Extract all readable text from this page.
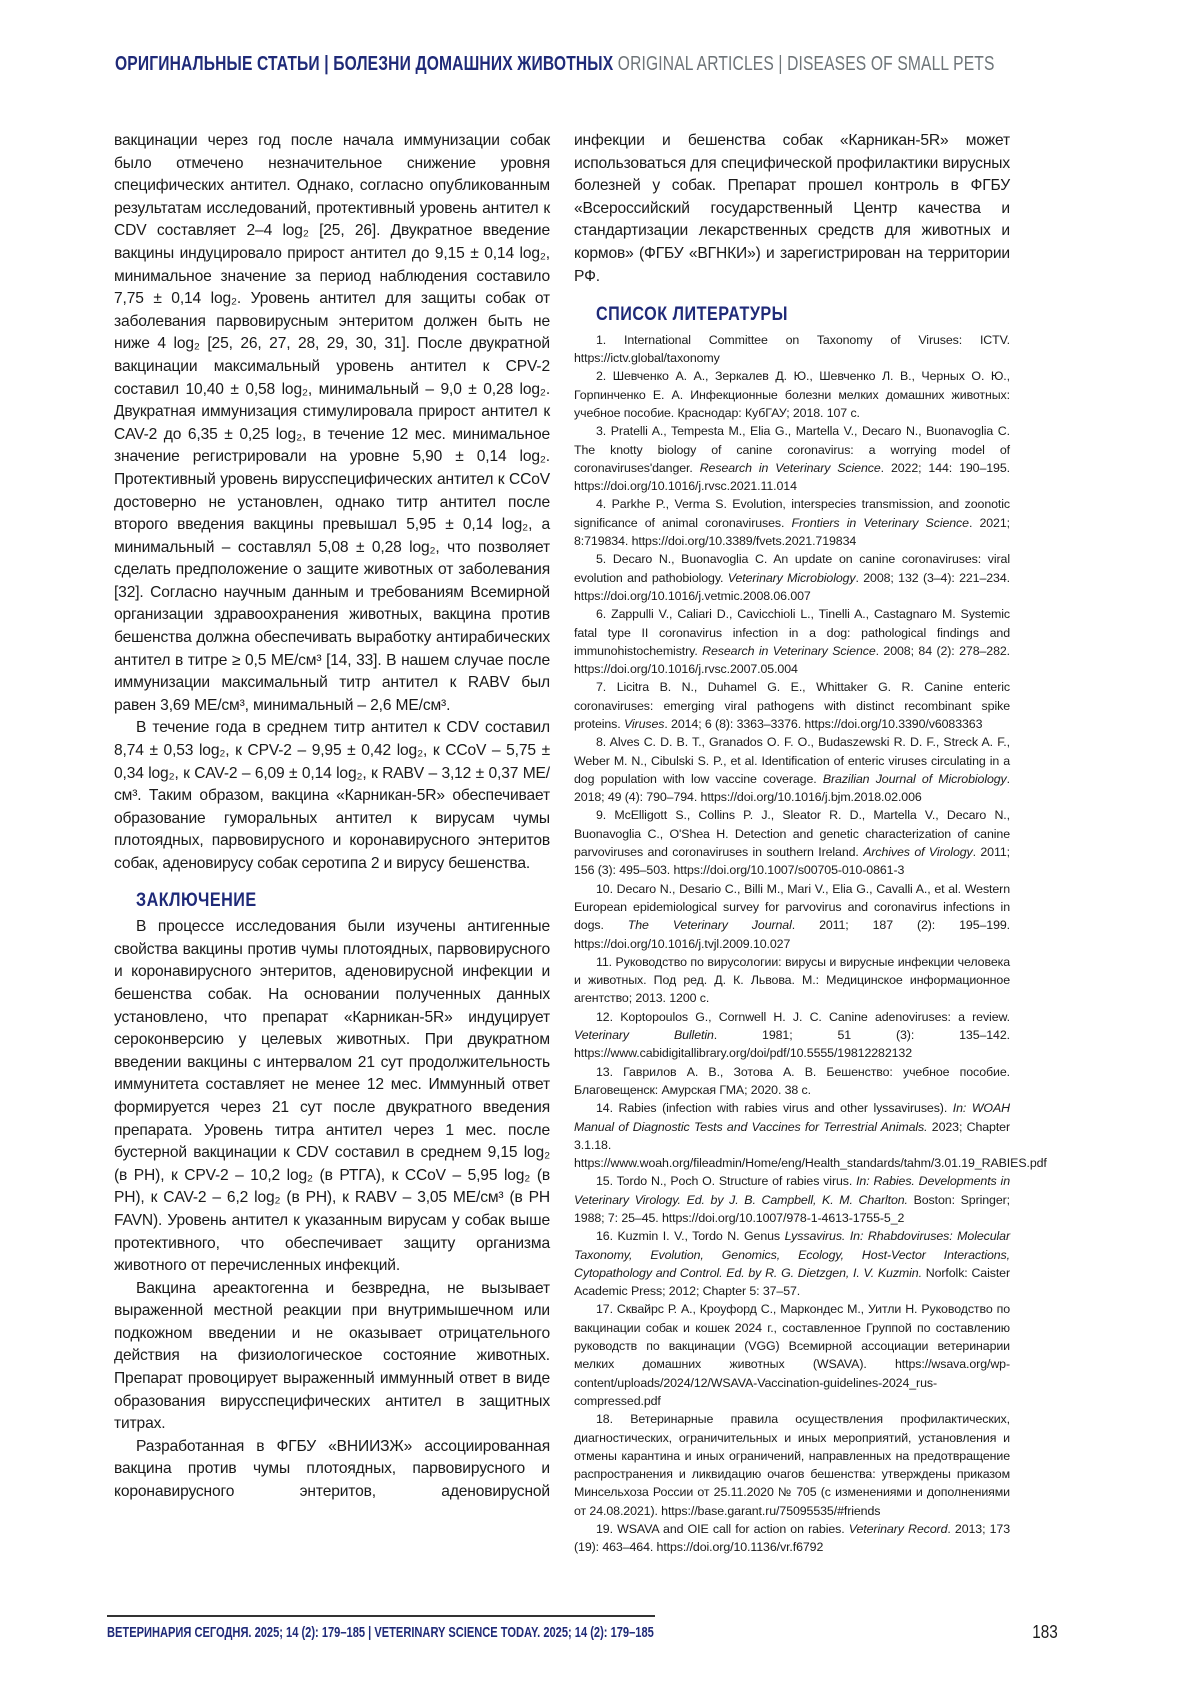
ОРИГИНАЛЬНЫЕ СТАТЬИ | БОЛЕЗНИ ДОМАШНИХ ЖИВОТНЫХ ORIGINAL ARTICLES | DISEASES OF SMALL PETS

вакцинации через год после начала иммунизации собак было отмечено незначительное снижение уровня специфических антител. Однако, согласно опубликованным результатам исследований, протективный уровень антител к CDV составляет 2–4 log₂ [25, 26]. Двукратное введение вакцины индуцировало прирост антител до 9,15 ± 0,14 log₂, минимальное значение за период наблюдения составило 7,75 ± 0,14 log₂. Уровень антител для защиты собак от заболевания парвовирусным энтеритом должен быть не ниже 4 log₂ [25, 26, 27, 28, 29, 30, 31]. После двукратной вакцинации максимальный уровень антител к CPV-2 составил 10,40 ± 0,58 log₂, минимальный – 9,0 ± 0,28 log₂. Двукратная иммунизация стимулировала прирост антител к CAV-2 до 6,35 ± 0,25 log₂, в течение 12 мес. минимальное значение регистрировали на уровне 5,90 ± 0,14 log₂. Протективный уровень вирусспецифических антител к CCoV достоверно не установлен, однако титр антител после второго введения вакцины превышал 5,95 ± 0,14 log₂, а минимальный – составлял 5,08 ± 0,28 log₂, что позволяет сделать предположение о защите животных от заболевания [32]. Согласно научным данным и требованиям Всемирной организации здравоохранения животных, вакцина против бешенства должна обеспечивать выработку антирабических антител в титре ≥ 0,5 МЕ/см³ [14, 33]. В нашем случае после иммунизации максимальный титр антител к RABV был равен 3,69 МЕ/см³, минимальный – 2,6 МЕ/см³.

В течение года в среднем титр антител к CDV составил 8,74 ± 0,53 log₂, к CPV-2 – 9,95 ± 0,42 log₂, к CCoV – 5,75 ± 0,34 log₂, к CAV-2 – 6,09 ± 0,14 log₂, к RABV – 3,12 ± 0,37 МЕ/см³. Таким образом, вакцина «Карникан-5R» обеспечивает образование гуморальных антител к вирусам чумы плотоядных, парвовирусного и коронавирусного энтеритов собак, аденовирусу собак серотипа 2 и вирусу бешенства.

ЗАКЛЮЧЕНИЕ

В процессе исследования были изучены антигенные свойства вакцины против чумы плотоядных, парвовирусного и коронавирусного энтеритов, аденовирусной инфекции и бешенства собак. На основании полученных данных установлено, что препарат «Карникан-5R» индуцирует сероконверсию у целевых животных. При двукратном введении вакцины с интервалом 21 сут продолжительность иммунитета составляет не менее 12 мес. Иммунный ответ формируется через 21 сут после двукратного введения препарата. Уровень титра антител через 1 мес. после бустерной вакцинации к CDV составил в среднем 9,15 log₂ (в РН), к CPV-2 – 10,2 log₂ (в РТГА), к CCoV – 5,95 log₂ (в РН), к CAV-2 – 6,2 log₂ (в РН), к RABV – 3,05 МЕ/см³ (в РН FAVN). Уровень антител к указанным вирусам у собак выше протективного, что обеспечивает защиту организма животного от перечисленных инфекций.

Вакцина ареактогенна и безвредна, не вызывает выраженной местной реакции при внутримышечном или подкожном введении и не оказывает отрицательного действия на физиологическое состояние животных. Препарат провоцирует выраженный иммунный ответ в виде образования вирусспецифических антител в защитных титрах.

Разработанная в ФГБУ «ВНИИЗЖ» ассоциированная вакцина против чумы плотоядных, парвовирусного и коронавирусного энтеритов, аденовирусной

инфекции и бешенства собак «Карникан-5R» может использоваться для специфической профилактики вирусных болезней у собак. Препарат прошел контроль в ФГБУ «Всероссийский государственный Центр качества и стандартизации лекарственных средств для животных и кормов» (ФГБУ «ВГНКИ») и зарегистрирован на территории РФ.

СПИСОК ЛИТЕРАТУРЫ

1. International Committee on Taxonomy of Viruses: ICTV. https://ictv.global/taxonomy

2. Шевченко А. А., Зеркалев Д. Ю., Шевченко Л. В., Черных О. Ю., Горпинченко Е. А. Инфекционные болезни мелких домашних животных: учебное пособие. Краснодар: КубГАУ; 2018. 107 с.

3. Pratelli A., Tempesta M., Elia G., Martella V., Decaro N., Buonavoglia C. The knotty biology of canine coronavirus: a worrying model of coronaviruses'danger. Research in Veterinary Science. 2022; 144: 190–195. https://doi.org/10.1016/j.rvsc.2021.11.014

4. Parkhe P., Verma S. Evolution, interspecies transmission, and zoonotic significance of animal coronaviruses. Frontiers in Veterinary Science. 2021; 8:719834. https://doi.org/10.3389/fvets.2021.719834

5. Decaro N., Buonavoglia C. An update on canine coronaviruses: viral evolution and pathobiology. Veterinary Microbiology. 2008; 132 (3–4): 221–234. https://doi.org/10.1016/j.vetmic.2008.06.007

6. Zappulli V., Caliari D., Cavicchioli L., Tinelli A., Castagnaro M. Systemic fatal type II coronavirus infection in a dog: pathological findings and immunohistochemistry. Research in Veterinary Science. 2008; 84 (2): 278–282. https://doi.org/10.1016/j.rvsc.2007.05.004

7. Licitra B. N., Duhamel G. E., Whittaker G. R. Canine enteric coronaviruses: emerging viral pathogens with distinct recombinant spike proteins. Viruses. 2014; 6 (8): 3363–3376. https://doi.org/10.3390/v6083363

8. Alves C. D. B. T., Granados O. F. O., Budaszewski R. D. F., Streck A. F., Weber M. N., Cibulski S. P., et al. Identification of enteric viruses circulating in a dog population with low vaccine coverage. Brazilian Journal of Microbiology. 2018; 49 (4): 790–794. https://doi.org/10.1016/j.bjm.2018.02.006

9. McElligott S., Collins P. J., Sleator R. D., Martella V., Decaro N., Buonavoglia C., O'Shea H. Detection and genetic characterization of canine parvoviruses and coronaviruses in southern Ireland. Archives of Virology. 2011; 156 (3): 495–503. https://doi.org/10.1007/s00705-010-0861-3

10. Decaro N., Desario C., Billi M., Mari V., Elia G., Cavalli A., et al. Western European epidemiological survey for parvovirus and coronavirus infections in dogs. The Veterinary Journal. 2011; 187 (2): 195–199. https://doi.org/10.1016/j.tvjl.2009.10.027

11. Руководство по вирусологии: вирусы и вирусные инфекции человека и животных. Под ред. Д. К. Львова. М.: Медицинское информационное агентство; 2013. 1200 с.

12. Koptopoulos G., Cornwell H. J. C. Canine adenoviruses: a review. Veterinary Bulletin. 1981; 51 (3): 135–142. https://www.cabidigitallibrary.org/doi/pdf/10.5555/19812282132

13. Гаврилов А. В., Зотова А. В. Бешенство: учебное пособие. Благовещенск: Амурская ГМА; 2020. 38 с.

14. Rabies (infection with rabies virus and other lyssaviruses). In: WOAH Manual of Diagnostic Tests and Vaccines for Terrestrial Animals. 2023; Chapter 3.1.18. https://www.woah.org/fileadmin/Home/eng/Health_standards/tahm/3.01.19_RABIES.pdf

15. Tordo N., Poch O. Structure of rabies virus. In: Rabies. Developments in Veterinary Virology. Ed. by J. B. Campbell, K. M. Charlton. Boston: Springer; 1988; 7: 25–45. https://doi.org/10.1007/978-1-4613-1755-5_2

16. Kuzmin I. V., Tordo N. Genus Lyssavirus. In: Rhabdoviruses: Molecular Taxonomy, Evolution, Genomics, Ecology, Host-Vector Interactions, Cytopathology and Control. Ed. by R. G. Dietzgen, I. V. Kuzmin. Norfolk: Caister Academic Press; 2012; Chapter 5: 37–57.

17. Сквайрс Р. А., Кроуфорд С., Маркондес М., Уитли Н. Руководство по вакцинации собак и кошек 2024 г., составленное Группой по составлению руководств по вакцинации (VGG) Всемирной ассоциации ветеринарии мелких домашних животных (WSAVA). https://wsava.org/wp-content/uploads/2024/12/WSAVA-Vaccination-guidelines-2024_rus-compressed.pdf

18. Ветеринарные правила осуществления профилактических, диагностических, ограничительных и иных мероприятий, установления и отмены карантина и иных ограничений, направленных на предотвращение распространения и ликвидацию очагов бешенства: утверждены приказом Минсельхоза России от 25.11.2020 № 705 (с изменениями и дополнениями от 24.08.2021). https://base.garant.ru/75095535/#friends

19. WSAVA and OIE call for action on rabies. Veterinary Record. 2013; 173 (19): 463–464. https://doi.org/10.1136/vr.f6792

ВЕТЕРИНАРИЯ СЕГОДНЯ. 2025; 14 (2): 179–185 | VETERINARY SCIENCE TODAY. 2025; 14 (2): 179–185	183
